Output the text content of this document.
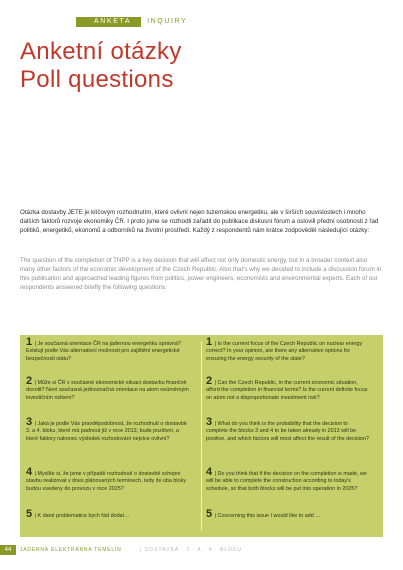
ANKETA	INQUIRY
Anketní otázky
Poll questions

Otázka dostavby JETE je klíčovým rozhodnutím, které ovlivní nejen tuzemskou energetiku, ale v širších souvislostech i mnoho dalších faktorů rozvoje ekonomiky ČR. I proto jsme se rozhodli zařadit do publikace diskusní fórum a oslovili přední osobnosti z řad politiků, energetiků, ekonomů a odborníků na životní prostředí. Každý z respondentů nám krátce zodpověděl následující otázky:

The question of the completion of TNPP is a key decision that will affect not only domestic energy, but in a broader context also many other factors of the economic development of the Czech Republic. Also that's why we decided to include a discussion forum in this publication and approached leading figures from politics, power engineers, economists and environmental experts. Each of our respondents answered briefly the following questions:

1 | Je současná orientace ČR na jadernou energetiku správná? Existují podle Vás alternativní možnosti pro zajištění energetické bezpečnosti státu?
2 | Může si ČR v současné ekonomické situaci dostavbu finančně dovolit? Není současná jednoznačná orientace na atom neúměrným investičním rizikem?
3 | Jaká je podle Vás pravděpodobnost, že rozhodnutí o dostavbě 3. a 4. bloku, které má padnout již v roce 2013, bude pozitivní, a které faktory nakonec výsledek rozhodování nejvíce ovlivní?
4 | Myslíte si, že jsme v případě rozhodnutí o dostavbě schopni stavbu realizovat v dnes plánovaných termínech, tedy že oba bloky budou uvedeny do provozu v roce 2025?
5 | K dané problematice bych řád dodal…
1 | Is the current focus of the Czech Republic on nuclear energy correct? In your opinion, are there any alternative options for ensuring the energy security of the state?
2 | Can the Czech Republic, in the current economic situation, afford the completion in financial terms? Is the current definite focus on atom not a disproportionate investment risk?
3 | What do you think is the probability that the decision to complete the blocks 3 and 4 to be taken already in 2013 will be positive, and which factors will most affect the result of the decision?
4 | Do you think that if the decision on the completion is made, we will be able to complete the construction according to today's schedule, so that both blocks will be put into operation in 2025?
5 | Concerning this issue I would like to add …
44	JADERNÁ ELEKTRÁRNA TEMELÍN	| DOSTAVBA · 3 · A · 4 · BLOKU
